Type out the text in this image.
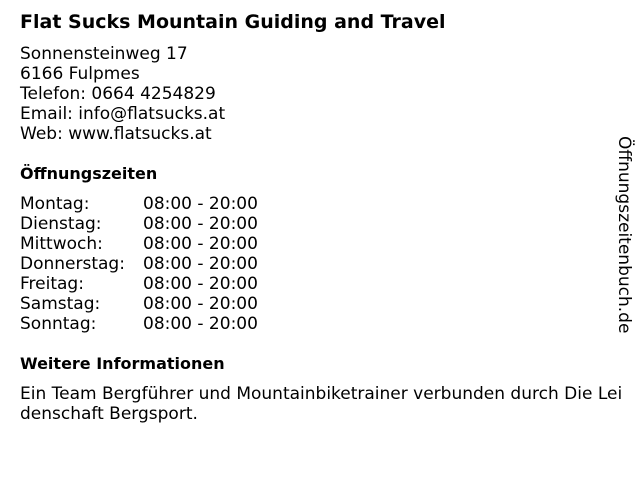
Flat Sucks Mountain Guiding and Travel
Sonnensteinweg 17
6166 Fulpmes
Telefon: 0664 4254829
Email: info@flatsucks.at
Web: www.flatsucks.at
Öffnungszeiten
Montag:	08:00 - 20:00
Dienstag: 08:00 - 20:00
Mittwoch: 08:00 - 20:00
Donnerstag: 08:00 - 20:00
Freitag:	08:00 - 20:00
Samstag:	08:00 - 20:00
Sonntag:	08:00 - 20:00
Weitere Informationen
Ein Team Bergführer und Mountainbiketrainer verbunden durch Die Lei
denschaft Bergsport.
Öffnungszeitenbuch.de
